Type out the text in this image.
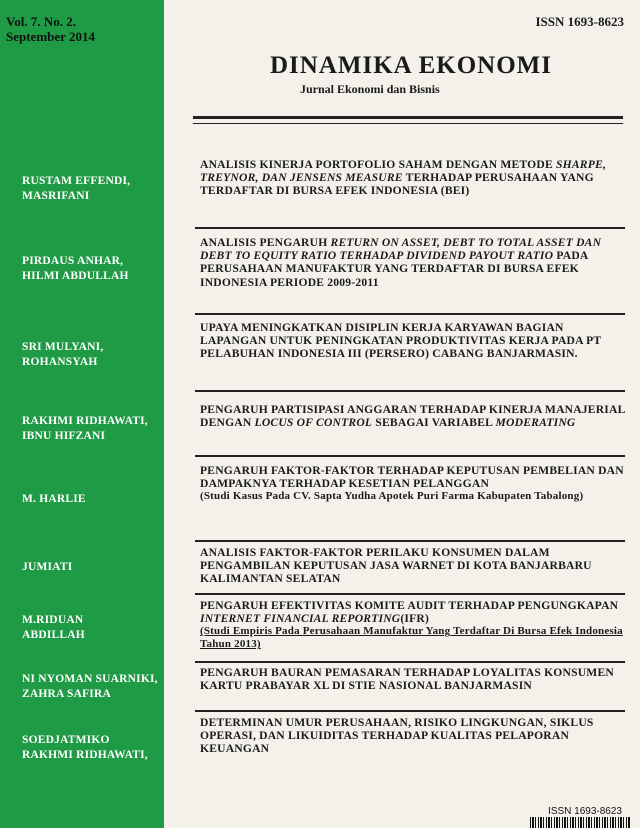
Vol. 7. No. 2.
September 2014
ISSN 1693-8623
DINAMIKA EKONOMI
Jurnal Ekonomi dan Bisnis
RUSTAM EFFENDI,
MASRIFANI
ANALISIS KINERJA PORTOFOLIO SAHAM DENGAN METODE SHARPE, TREYNOR, DAN JENSENS MEASURE TERHADAP PERUSAHAAN YANG TERDAFTAR DI BURSA EFEK INDONESIA (BEI)
PIRDAUS ANHAR,
HILMI ABDULLAH
ANALISIS PENGARUH RETURN ON ASSET, DEBT TO TOTAL ASSET DAN DEBT TO EQUITY RATIO TERHADAP DIVIDEND PAYOUT RATIO PADA PERUSAHAAN MANUFAKTUR YANG TERDAFTAR DI BURSA EFEK INDONESIA PERIODE 2009-2011
SRI MULYANI,
ROHANSYAH
UPAYA MENINGKATKAN DISIPLIN KERJA KARYAWAN BAGIAN LAPANGAN UNTUK PENINGKATAN PRODUKTIVITAS KERJA PADA PT PELABUHAN INDONESIA III (PERSERO) CABANG BANJARMASIN.
RAKHMI RIDHAWATI,
IBNU HIFZANI
PENGARUH PARTISIPASI ANGGARAN TERHADAP KINERJA MANAJERIAL DENGAN LOCUS OF CONTROL SEBAGAI VARIABEL MODERATING
M. HARLIE
PENGARUH FAKTOR-FAKTOR TERHADAP KEPUTUSAN PEMBELIAN DAN DAMPAKNYA TERHADAP KESETIAN PELANGGAN
(Studi Kasus Pada CV. Sapta Yudha Apotek Puri Farma Kabupaten Tabalong)
JUMIATI
ANALISIS FAKTOR-FAKTOR PERILAKU KONSUMEN DALAM PENGAMBILAN KEPUTUSAN JASA WARNET DI KOTA BANJARBARU KALIMANTAN SELATAN
M.RIDUAN
ABDILLAH
PENGARUH EFEKTIVITAS KOMITE AUDIT TERHADAP PENGUNGKAPAN INTERNET FINANCIAL REPORTING(IFR)
(Studi Empiris Pada Perusahaan Manufaktur Yang Terdaftar Di Bursa Efek Indonesia Tahun 2013)
NI NYOMAN SUARNIKI,
ZAHRA SAFIRA
PENGARUH BAURAN PEMASARAN TERHADAP LOYALITAS KONSUMEN KARTU PRABAYAR XL DI STIE NASIONAL BANJARMASIN
SOEDJATMIKO
RAKHMI RIDHAWATI,
DETERMINAN UMUR PERUSAHAAN, RISIKO LINGKUNGAN, SIKLUS OPERASI, DAN LIKUIDITAS TERHADAP KUALITAS PELAPORAN KEUANGAN
ISSN 1693-8623
